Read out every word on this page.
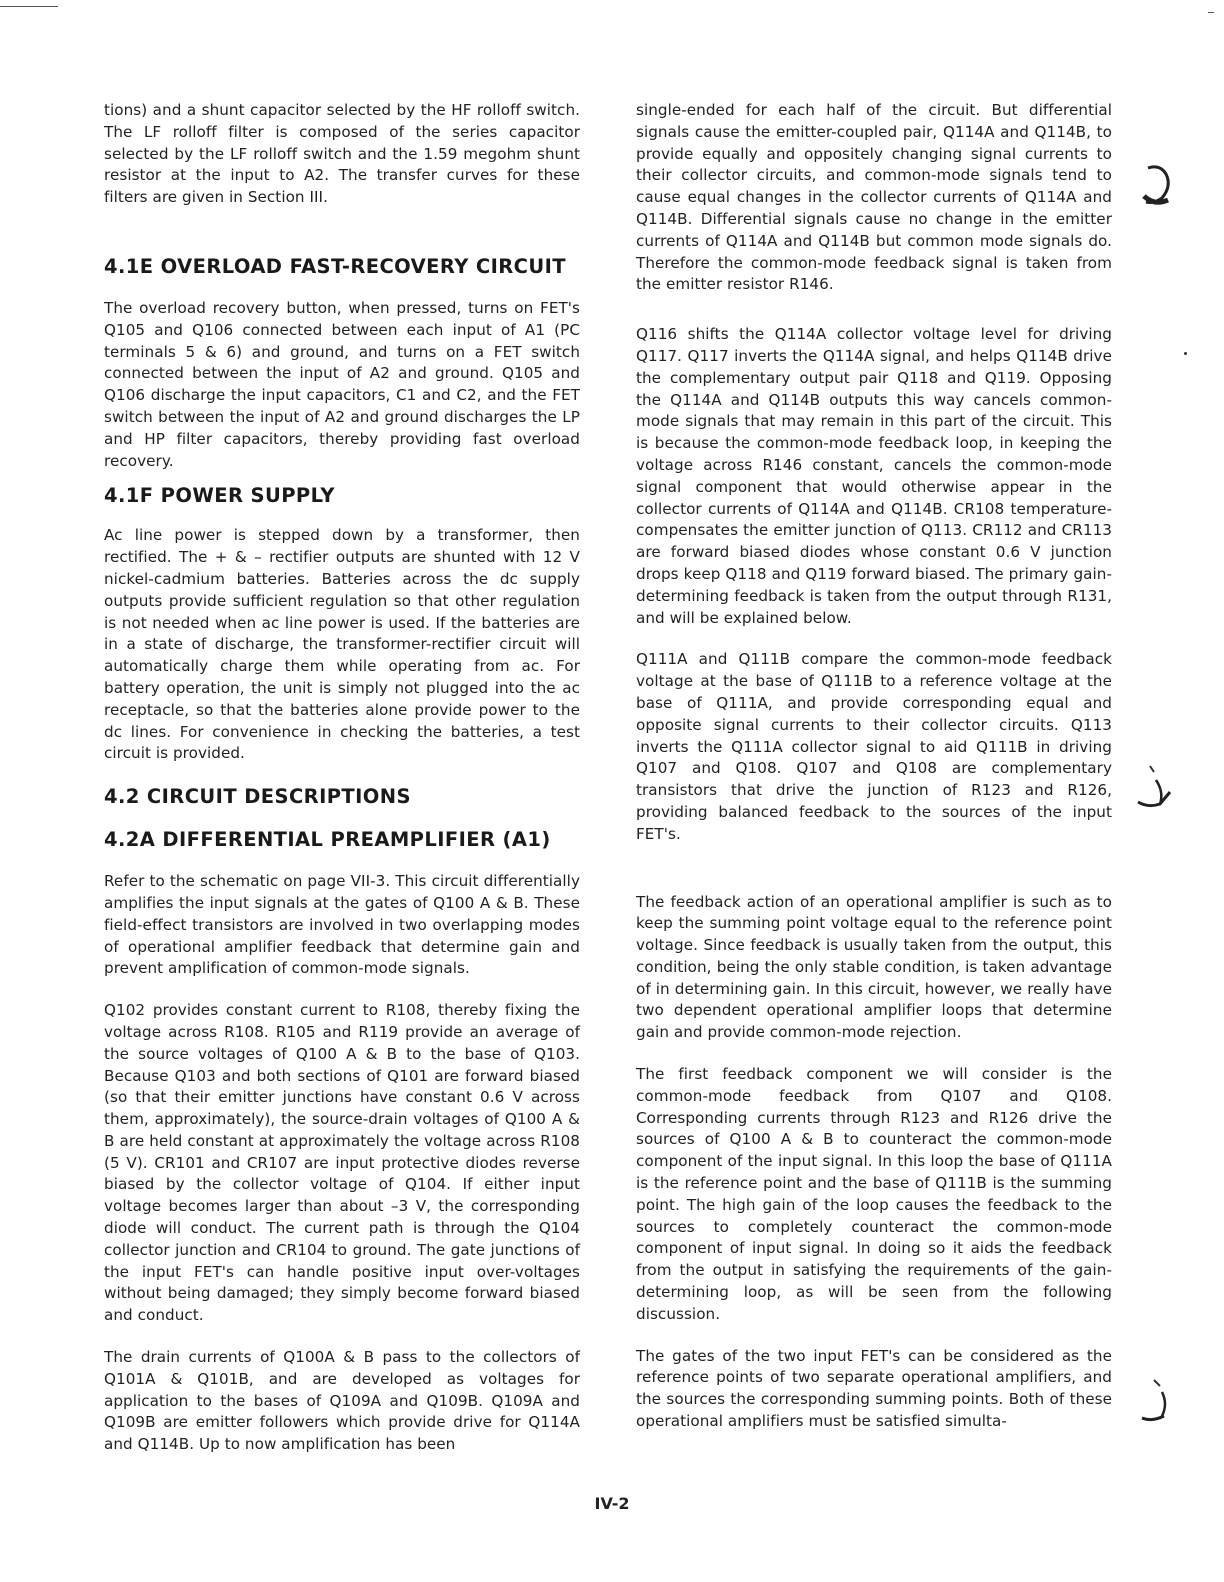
tions) and a shunt capacitor selected by the HF rolloff switch. The LF rolloff filter is composed of the series capacitor selected by the LF rolloff switch and the 1.59 megohm shunt resistor at the input to A2. The transfer curves for these filters are given in Section III.

4.1E OVERLOAD FAST-RECOVERY CIRCUIT

The overload recovery button, when pressed, turns on FET's Q105 and Q106 connected between each input of A1 (PC terminals 5 & 6) and ground, and turns on a FET switch connected between the input of A2 and ground. Q105 and Q106 discharge the input capacitors, C1 and C2, and the FET switch between the input of A2 and ground discharges the LP and HP filter capacitors, thereby providing fast overload recovery.

4.1F POWER SUPPLY

Ac line power is stepped down by a transformer, then rectified. The + & – rectifier outputs are shunted with 12 V nickel-cadmium batteries. Batteries across the dc supply outputs provide sufficient regulation so that other regulation is not needed when ac line power is used. If the batteries are in a state of discharge, the transformer-rectifier circuit will automatically charge them while operating from ac. For battery operation, the unit is simply not plugged into the ac receptacle, so that the batteries alone provide power to the dc lines. For convenience in checking the batteries, a test circuit is provided.

4.2 CIRCUIT DESCRIPTIONS
4.2A DIFFERENTIAL PREAMPLIFIER (A1)

Refer to the schematic on page VII-3. This circuit differentially amplifies the input signals at the gates of Q100 A & B. These field-effect transistors are involved in two overlapping modes of operational amplifier feedback that determine gain and prevent amplification of common-mode signals.

Q102 provides constant current to R108, thereby fixing the voltage across R108. R105 and R119 provide an average of the source voltages of Q100 A & B to the base of Q103. Because Q103 and both sections of Q101 are forward biased (so that their emitter junctions have constant 0.6 V across them, approximately), the source-drain voltages of Q100 A & B are held constant at approximately the voltage across R108 (5 V). CR101 and CR107 are input protective diodes reverse biased by the collector voltage of Q104. If either input voltage becomes larger than about –3 V, the corresponding diode will conduct. The current path is through the Q104 collector junction and CR104 to ground. The gate junctions of the input FET's can handle positive input over-voltages without being damaged; they simply become forward biased and conduct.

The drain currents of Q100A & B pass to the collectors of Q101A & Q101B, and are developed as voltages for application to the bases of Q109A and Q109B. Q109A and Q109B are emitter followers which provide drive for Q114A and Q114B. Up to now amplification has been

single-ended for each half of the circuit. But differential signals cause the emitter-coupled pair, Q114A and Q114B, to provide equally and oppositely changing signal currents to their collector circuits, and common-mode signals tend to cause equal changes in the collector currents of Q114A and Q114B. Differential signals cause no change in the emitter currents of Q114A and Q114B but common mode signals do. Therefore the common-mode feedback signal is taken from the emitter resistor R146.

Q116 shifts the Q114A collector voltage level for driving Q117. Q117 inverts the Q114A signal, and helps Q114B drive the complementary output pair Q118 and Q119. Opposing the Q114A and Q114B outputs this way cancels common-mode signals that may remain in this part of the circuit. This is because the common-mode feedback loop, in keeping the voltage across R146 constant, cancels the common-mode signal component that would otherwise appear in the collector currents of Q114A and Q114B. CR108 temperature-compensates the emitter junction of Q113. CR112 and CR113 are forward biased diodes whose constant 0.6 V junction drops keep Q118 and Q119 forward biased. The primary gain-determining feedback is taken from the output through R131, and will be explained below.

Q111A and Q111B compare the common-mode feedback voltage at the base of Q111B to a reference voltage at the base of Q111A, and provide corresponding equal and opposite signal currents to their collector circuits. Q113 inverts the Q111A collector signal to aid Q111B in driving Q107 and Q108. Q107 and Q108 are complementary transistors that drive the junction of R123 and R126, providing balanced feedback to the sources of the input FET's.

The feedback action of an operational amplifier is such as to keep the summing point voltage equal to the reference point voltage. Since feedback is usually taken from the output, this condition, being the only stable condition, is taken advantage of in determining gain. In this circuit, however, we really have two dependent operational amplifier loops that determine gain and provide common-mode rejection.

The first feedback component we will consider is the common-mode feedback from Q107 and Q108. Corresponding currents through R123 and R126 drive the sources of Q100 A & B to counteract the common-mode component of the input signal. In this loop the base of Q111A is the reference point and the base of Q111B is the summing point. The high gain of the loop causes the feedback to the sources to completely counteract the common-mode component of input signal. In doing so it aids the feedback from the output in satisfying the requirements of the gain-determining loop, as will be seen from the following discussion.

The gates of the two input FET's can be considered as the reference points of two separate operational amplifiers, and the sources the corresponding summing points. Both of these operational amplifiers must be satisfied simulta-

IV-2
